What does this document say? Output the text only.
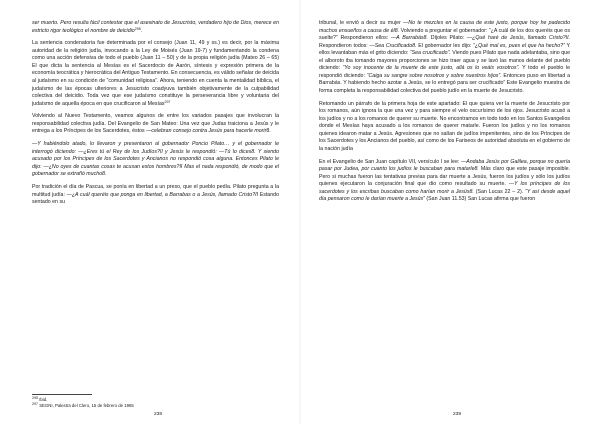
ser muerto. Pero resulta fácil contestar que el asesinato de Jesucristo, verdadero hijo de Dios, merece en estricto rigor teológico el nombre de deicidio$^{295}$.

La sentencia condenatoria fue determinada por el consejo (Juan 11, 49 y ss.) es decir, por la máxima autoridad de la religión judía, invocando a la Ley de Moisés (Juan 19-7) y fundamentando la condena como una acción defensiva de todo el pueblo (Juan 11 – 50) y de la propia religión judía (Mateo 26 – 65) El que dicta la sentencia al Mesías es el Sacerdocio de Aarón, síntesis y expresión primera de la economía teocrática y hierocrática del Antiguo Testamento. En consecuencia, es válido señalar de deicida al judaísmo en su condición de “comunidad religiosa”. Ahora, teniendo en cuenta la mentalidad bíblica, el judaísmo de las épocas ulteriores a Jesucristo coadyuva también objetivamente de la culpabilidad colectiva del deicidio. Toda vez que ese judaísmo constituye la perseverancia libre y voluntaria del judaísmo de aquella época en que crucificaron al Mesías$^{297}$

Volviendo al Nuevo Testamento, veamos algunos de entre los variados pasajes que involucran la responsabilidad colectiva judía. Del Evangelio de San Mateo: Una vez que Judas traiciona a Jesús y le entrega a los Príncipes de los Sacerdotes, éstos —celebran consejo contra Jesús para hacerle morir8.

—Y habiéndolo atado, lo llevaron y presentaron al gobernador Poncio Pilato… y el gobernador le interrogó diciendo: —¿Eres tú el Rey de los Judíos?II y Jesús le respondió: —Tú lo dices8. Y siendo acusado por los Príncipes de los Sacerdotes y Ancianos no respondió cosa alguna. Entonces Pilato le dijo: —¿No oyes de cuantas cosas te acusan estos hombres?II Mas el nada respondió, de modo que el gobernador se extrañó mucho8.

Por tradición el día de Pascua, se ponía en libertad a un preso, que el pueblo pedía. Pilato pregunta a la multitud judía: —¿A cuál queréis que ponga en libertad, a Barrabas o a Jesús, llamado Cristo?II Estando sentado en su

$^{295}$ Ibid.
$^{297}$ SEGNI, Palestra del Clero, 15 de febrero de 1965
238

tribunal, le envió a decir su mujer —No te mezcles en la causa de este justo, porque hoy he padecido muchos ensueños a causa de él8. Volviendo a preguntar el gobernador: “¿A cuál de los dos queréis que os suelte?” Respondieron ellos: —A Barrabás8. Díjoles Pilato: —¿Qué haré de Jesús, llamado Cristo?II. Respondieron todos: —Sea Crucificado8. El gobernador les dijo: “¿Qué mal es, pues el que ha hecho?” Y ellos levantaban más el grito diciendo: “Sea crucificado”. Viendo pues Pilato que nada adelantaba, sino que el alboroto iba tomando mayores proporciones se hizo traer agua y se lavó las manos delante del pueblo diciendo: “Yo soy inocente de la muerte de este justo, allá os lo veáis vosotros”. Y todo el pueblo le respondió diciendo: “Caiga su sangre sobre nosotros y sobre nuestros hijos”. Entonces puso en libertad a Barrabás. Y habiendo hecho azotar a Jesús, se lo entregó para ser crucificado” Este Evangelio muestra de forma completa la responsabilidad colectiva del pueblo judío en la muerte de Jesucristo.

Retomando un párrafo de la primera hoja de este apartado: El que quiera ver la muerte de Jesucristo por los romanos, aún ignora la que una vez y para siempre el velo oscurísimo de los ojos. Jesucristo acusó a los judíos y no a los romanos de querer su muerte. No encontramos en todo todo en los Santos Evangelios donde el Mesías haya acusado a los romanos de querer matarle. Fueron los judíos y no los romanos quienes idearon matar a Jesús. Agresiones que no salían de judíos impenitentes, sino de los Príncipes de los Sacerdotes y los Ancianos del pueblo, así como de los Fariseos de autoridad absoluta en el gobierno de la nación judía

En el Evangelio de San Juan capítulo VII, versículo I se lee: —Andaba Jesús por Galilea, porque no quería pasar por Judea, por cuanto los judíos le buscaban para matarle8. Más claro que este pasaje imposible. Pero si muchas fueron las tentativas previas para dar muerte a Jesús, fueron los judíos y sólo los judíos quienes ejecutaron la conjuración final que dio como resultado su muerte. —Y los príncipes de los sacerdotes y los escribas buscaban como harían morir a Jesús8. (San Lucas 22 – 2). “Y así desde aquel día pensaron como le darían muerte a Jesús” (San Juan 11.53) San Lucas afirma que fueron

239
